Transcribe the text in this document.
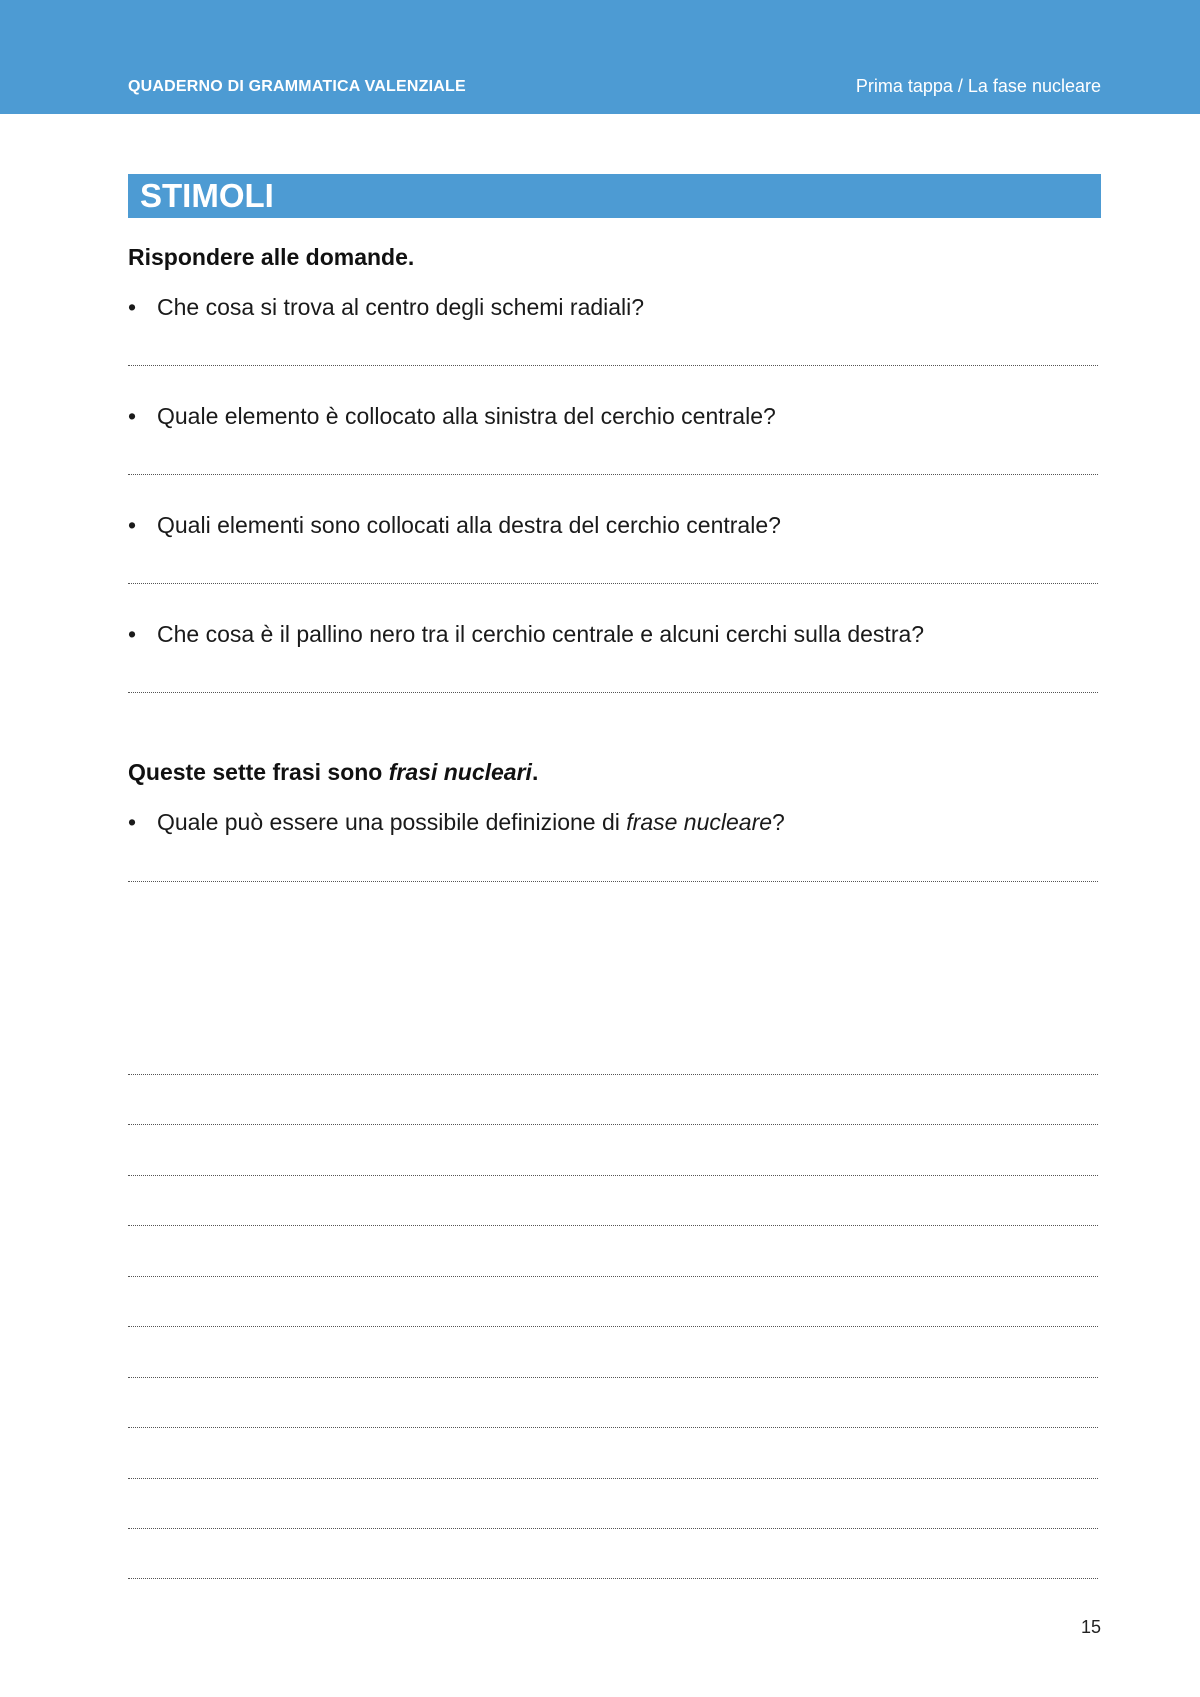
QUADERNO DI GRAMMATICA VALENZIALE	Prima tappa / La fase nucleare
STIMOLI
Rispondere alle domande.
• Che cosa si trova al centro degli schemi radiali?
• Quale elemento è collocato alla sinistra del cerchio centrale?
• Quali elementi sono collocati alla destra del cerchio centrale?
• Che cosa è il pallino nero tra il cerchio centrale e alcuni cerchi sulla destra?
Queste sette frasi sono frasi nucleari.
• Quale può essere una possibile definizione di frase nucleare?
15
